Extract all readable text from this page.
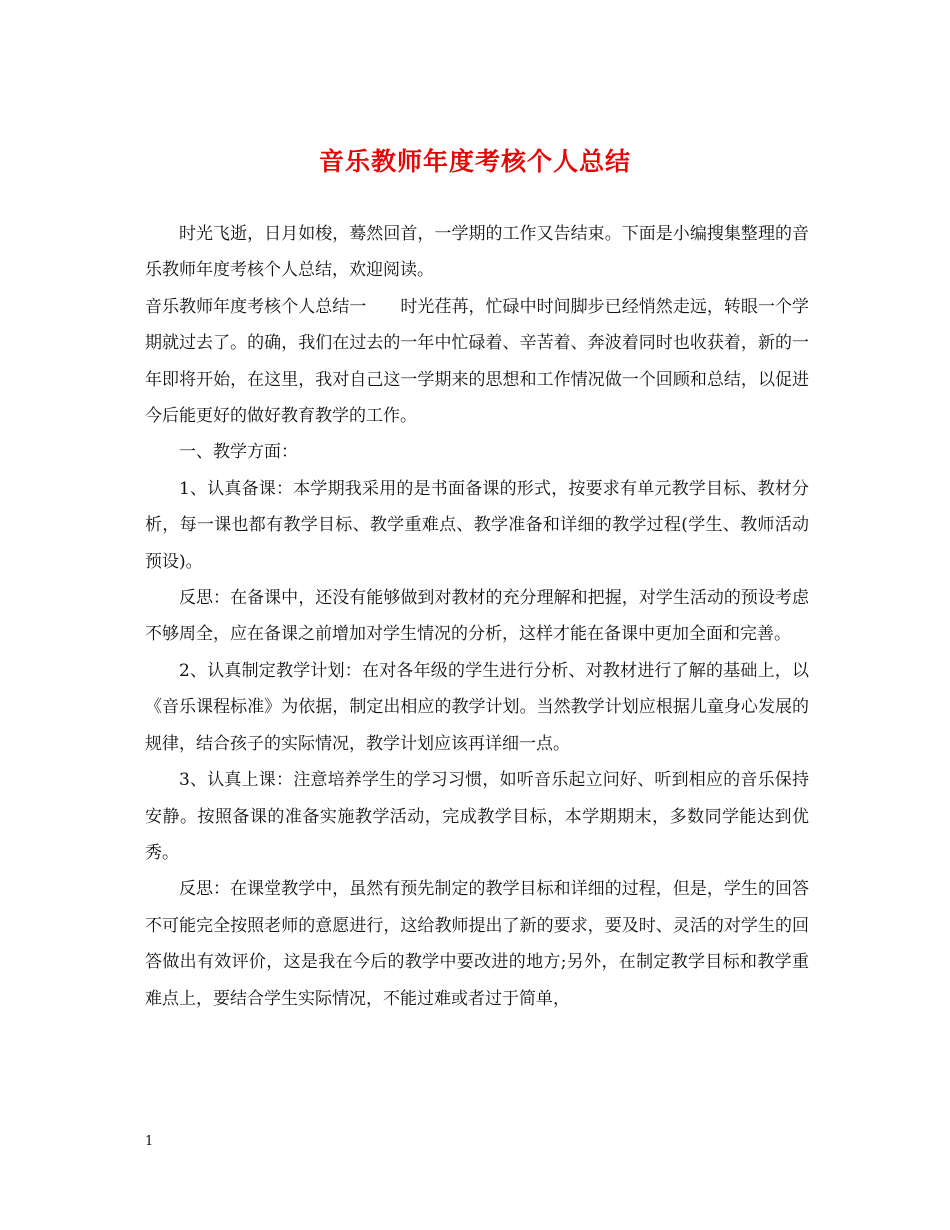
音乐教师年度考核个人总结

时光飞逝，日月如梭，蓦然回首，一学期的工作又告结束。下面是小编搜集整理的音乐教师年度考核个人总结，欢迎阅读。

音乐教师年度考核个人总结一　　时光荏苒，忙碌中时间脚步已经悄然走远，转眼一个学期就过去了。的确，我们在过去的一年中忙碌着、辛苦着、奔波着同时也收获着，新的一年即将开始，在这里，我对自己这一学期来的思想和工作情况做一个回顾和总结，以促进今后能更好的做好教育教学的工作。

一、教学方面：

1、认真备课：本学期我采用的是书面备课的形式，按要求有单元教学目标、教材分析，每一课也都有教学目标、教学重难点、教学准备和详细的教学过程(学生、教师活动预设)。

反思：在备课中，还没有能够做到对教材的充分理解和把握，对学生活动的预设考虑不够周全，应在备课之前增加对学生情况的分析，这样才能在备课中更加全面和完善。

2、认真制定教学计划：在对各年级的学生进行分析、对教材进行了解的基础上，以《音乐课程标准》为依据，制定出相应的教学计划。当然教学计划应根据儿童身心发展的规律，结合孩子的实际情况，教学计划应该再详细一点。

3、认真上课：注意培养学生的学习习惯，如听音乐起立问好、听到相应的音乐保持安静。按照备课的准备实施教学活动，完成教学目标，本学期期末，多数同学能达到优秀。

反思：在课堂教学中，虽然有预先制定的教学目标和详细的过程，但是，学生的回答不可能完全按照老师的意愿进行，这给教师提出了新的要求，要及时、灵活的对学生的回答做出有效评价，这是我在今后的教学中要改进的地方;另外，在制定教学目标和教学重难点上，要结合学生实际情况，不能过难或者过于简单，

1
